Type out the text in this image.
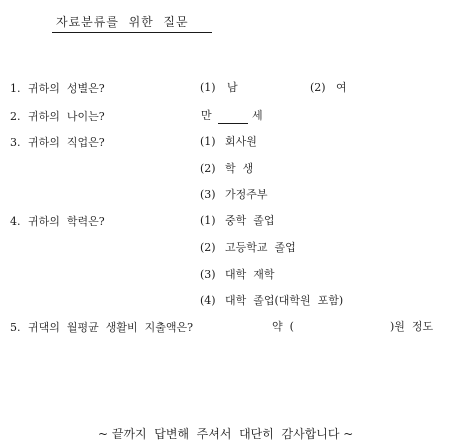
자료분류를  위한  질문
1. 귀하의  성별은?	(1) 남	(2) 여
2. 귀하의  나이는?	만	세
3. 귀하의  직업은?	(1) 회사원
(2) 학  생
(3) 가정주부
4. 귀하의  학력은?	(1) 중학  졸업
(2) 고등학교  졸업
(3) 대학  재학
(4) 대학  졸업(대학원  포함)
5. 귀댁의  월평균  생활비  지출액은?	약  (	)원  정도
~ 끝까지  답변해  주셔서  대단히  감사합니다 ~
